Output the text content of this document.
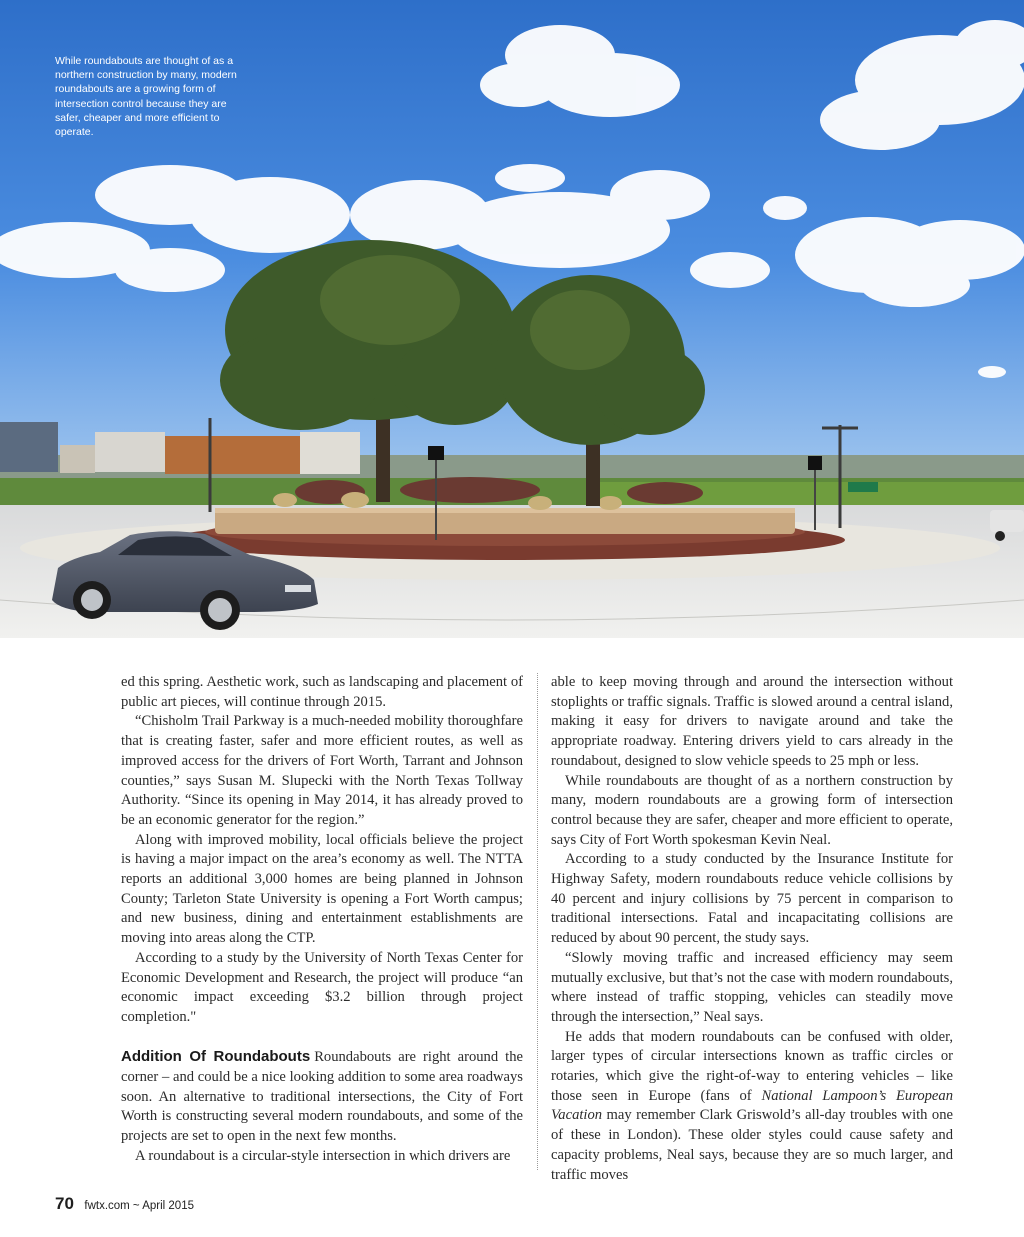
While roundabouts are thought of as a northern construction by many, modern roundabouts are a growing form of intersection control because they are safer, cheaper and more efficient to operate.

ed this spring. Aesthetic work, such as landscaping and placement of public art pieces, will continue through 2015.

“Chisholm Trail Parkway is a much-needed mobility thoroughfare that is creating faster, safer and more efficient routes, as well as improved access for the drivers of Fort Worth, Tarrant and Johnson counties,” says Susan M. Slupecki with the North Texas Tollway Authority. “Since its opening in May 2014, it has already proved to be an economic generator for the region.”

Along with improved mobility, local officials believe the project is having a major impact on the area’s economy as well. The NTTA reports an additional 3,000 homes are being planned in Johnson County; Tarleton State University is opening a Fort Worth campus; and new business, dining and entertainment establishments are moving into areas along the CTP.

According to a study by the University of North Texas Center for Economic Development and Research, the project will produce “an economic impact exceeding $3.2 billion through project completion."

Addition Of Roundabouts Roundabouts are right around the corner – and could be a nice looking addition to some area roadways soon. An alternative to traditional intersections, the City of Fort Worth is constructing several modern roundabouts, and some of the projects are set to open in the next few months.

A roundabout is a circular-style intersection in which drivers are

able to keep moving through and around the intersection without stoplights or traffic signals. Traffic is slowed around a central island, making it easy for drivers to navigate around and take the appropriate roadway. Entering drivers yield to cars already in the roundabout, designed to slow vehicle speeds to 25 mph or less.

While roundabouts are thought of as a northern construction by many, modern roundabouts are a growing form of intersection control because they are safer, cheaper and more efficient to operate, says City of Fort Worth spokesman Kevin Neal.

According to a study conducted by the Insurance Institute for Highway Safety, modern roundabouts reduce vehicle collisions by 40 percent and injury collisions by 75 percent in comparison to traditional intersections. Fatal and incapacitating collisions are reduced by about 90 percent, the study says.

“Slowly moving traffic and increased efficiency may seem mutually exclusive, but that’s not the case with modern roundabouts, where instead of traffic stopping, vehicles can steadily move through the intersection,” Neal says.

He adds that modern roundabouts can be confused with older, larger types of circular intersections known as traffic circles or rotaries, which give the right-of-way to entering vehicles – like those seen in Europe (fans of National Lampoon’s European Vacation may remember Clark Griswold’s all-day troubles with one of these in London). These older styles could cause safety and capacity problems, Neal says, because they are so much larger, and traffic moves

70 fwtx.com ~ April 2015
